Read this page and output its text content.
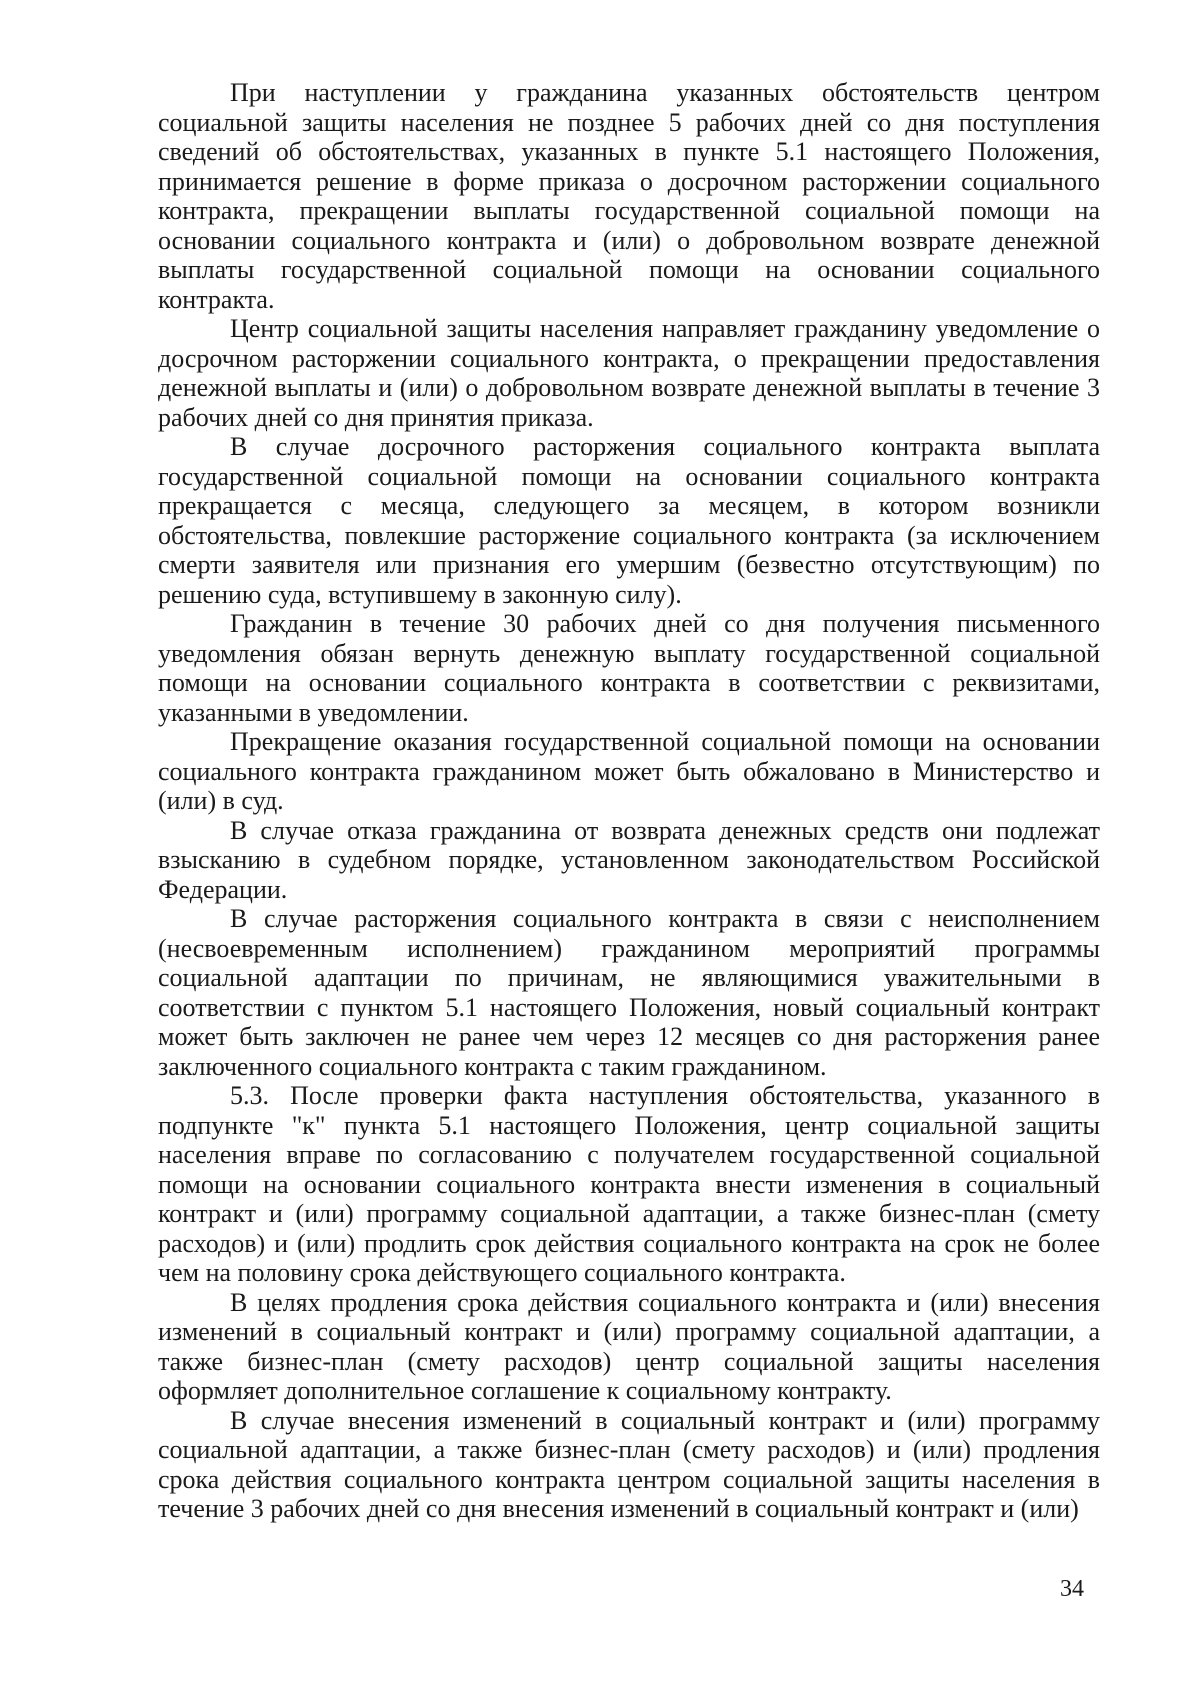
При наступлении у гражданина указанных обстоятельств центром социальной защиты населения не позднее 5 рабочих дней со дня поступления сведений об обстоятельствах, указанных в пункте 5.1 настоящего Положения, принимается решение в форме приказа о досрочном расторжении социального контракта, прекращении выплаты государственной социальной помощи на основании социального контракта и (или) о добровольном возврате денежной выплаты государственной социальной помощи на основании социального контракта.

Центр социальной защиты населения направляет гражданину уведомление о досрочном расторжении социального контракта, о прекращении предоставления денежной выплаты и (или) о добровольном возврате денежной выплаты в течение 3 рабочих дней со дня принятия приказа.

В случае досрочного расторжения социального контракта выплата государственной социальной помощи на основании социального контракта прекращается с месяца, следующего за месяцем, в котором возникли обстоятельства, повлекшие расторжение социального контракта (за исключением смерти заявителя или признания его умершим (безвестно отсутствующим) по решению суда, вступившему в законную силу).

Гражданин в течение 30 рабочих дней со дня получения письменного уведомления обязан вернуть денежную выплату государственной социальной помощи на основании социального контракта в соответствии с реквизитами, указанными в уведомлении.

Прекращение оказания государственной социальной помощи на основании социального контракта гражданином может быть обжаловано в Министерство и (или) в суд.

В случае отказа гражданина от возврата денежных средств они подлежат взысканию в судебном порядке, установленном законодательством Российской Федерации.

В случае расторжения социального контракта в связи с неисполнением (несвоевременным исполнением) гражданином мероприятий программы социальной адаптации по причинам, не являющимися уважительными в соответствии с пунктом 5.1 настоящего Положения, новый социальный контракт может быть заключен не ранее чем через 12 месяцев со дня расторжения ранее заключенного социального контракта с таким гражданином.

5.3. После проверки факта наступления обстоятельства, указанного в подпункте "к" пункта 5.1 настоящего Положения, центр социальной защиты населения вправе по согласованию с получателем государственной социальной помощи на основании социального контракта внести изменения в социальный контракт и (или) программу социальной адаптации, а также бизнес-план (смету расходов) и (или) продлить срок действия социального контракта на срок не более чем на половину срока действующего социального контракта.

В целях продления срока действия социального контракта и (или) внесения изменений в социальный контракт и (или) программу социальной адаптации, а также бизнес-план (смету расходов) центр социальной защиты населения оформляет дополнительное соглашение к социальному контракту.

В случае внесения изменений в социальный контракт и (или) программу социальной адаптации, а также бизнес-план (смету расходов) и (или) продления срока действия социального контракта центром социальной защиты населения в течение 3 рабочих дней со дня внесения изменений в социальный контракт и (или)

34
